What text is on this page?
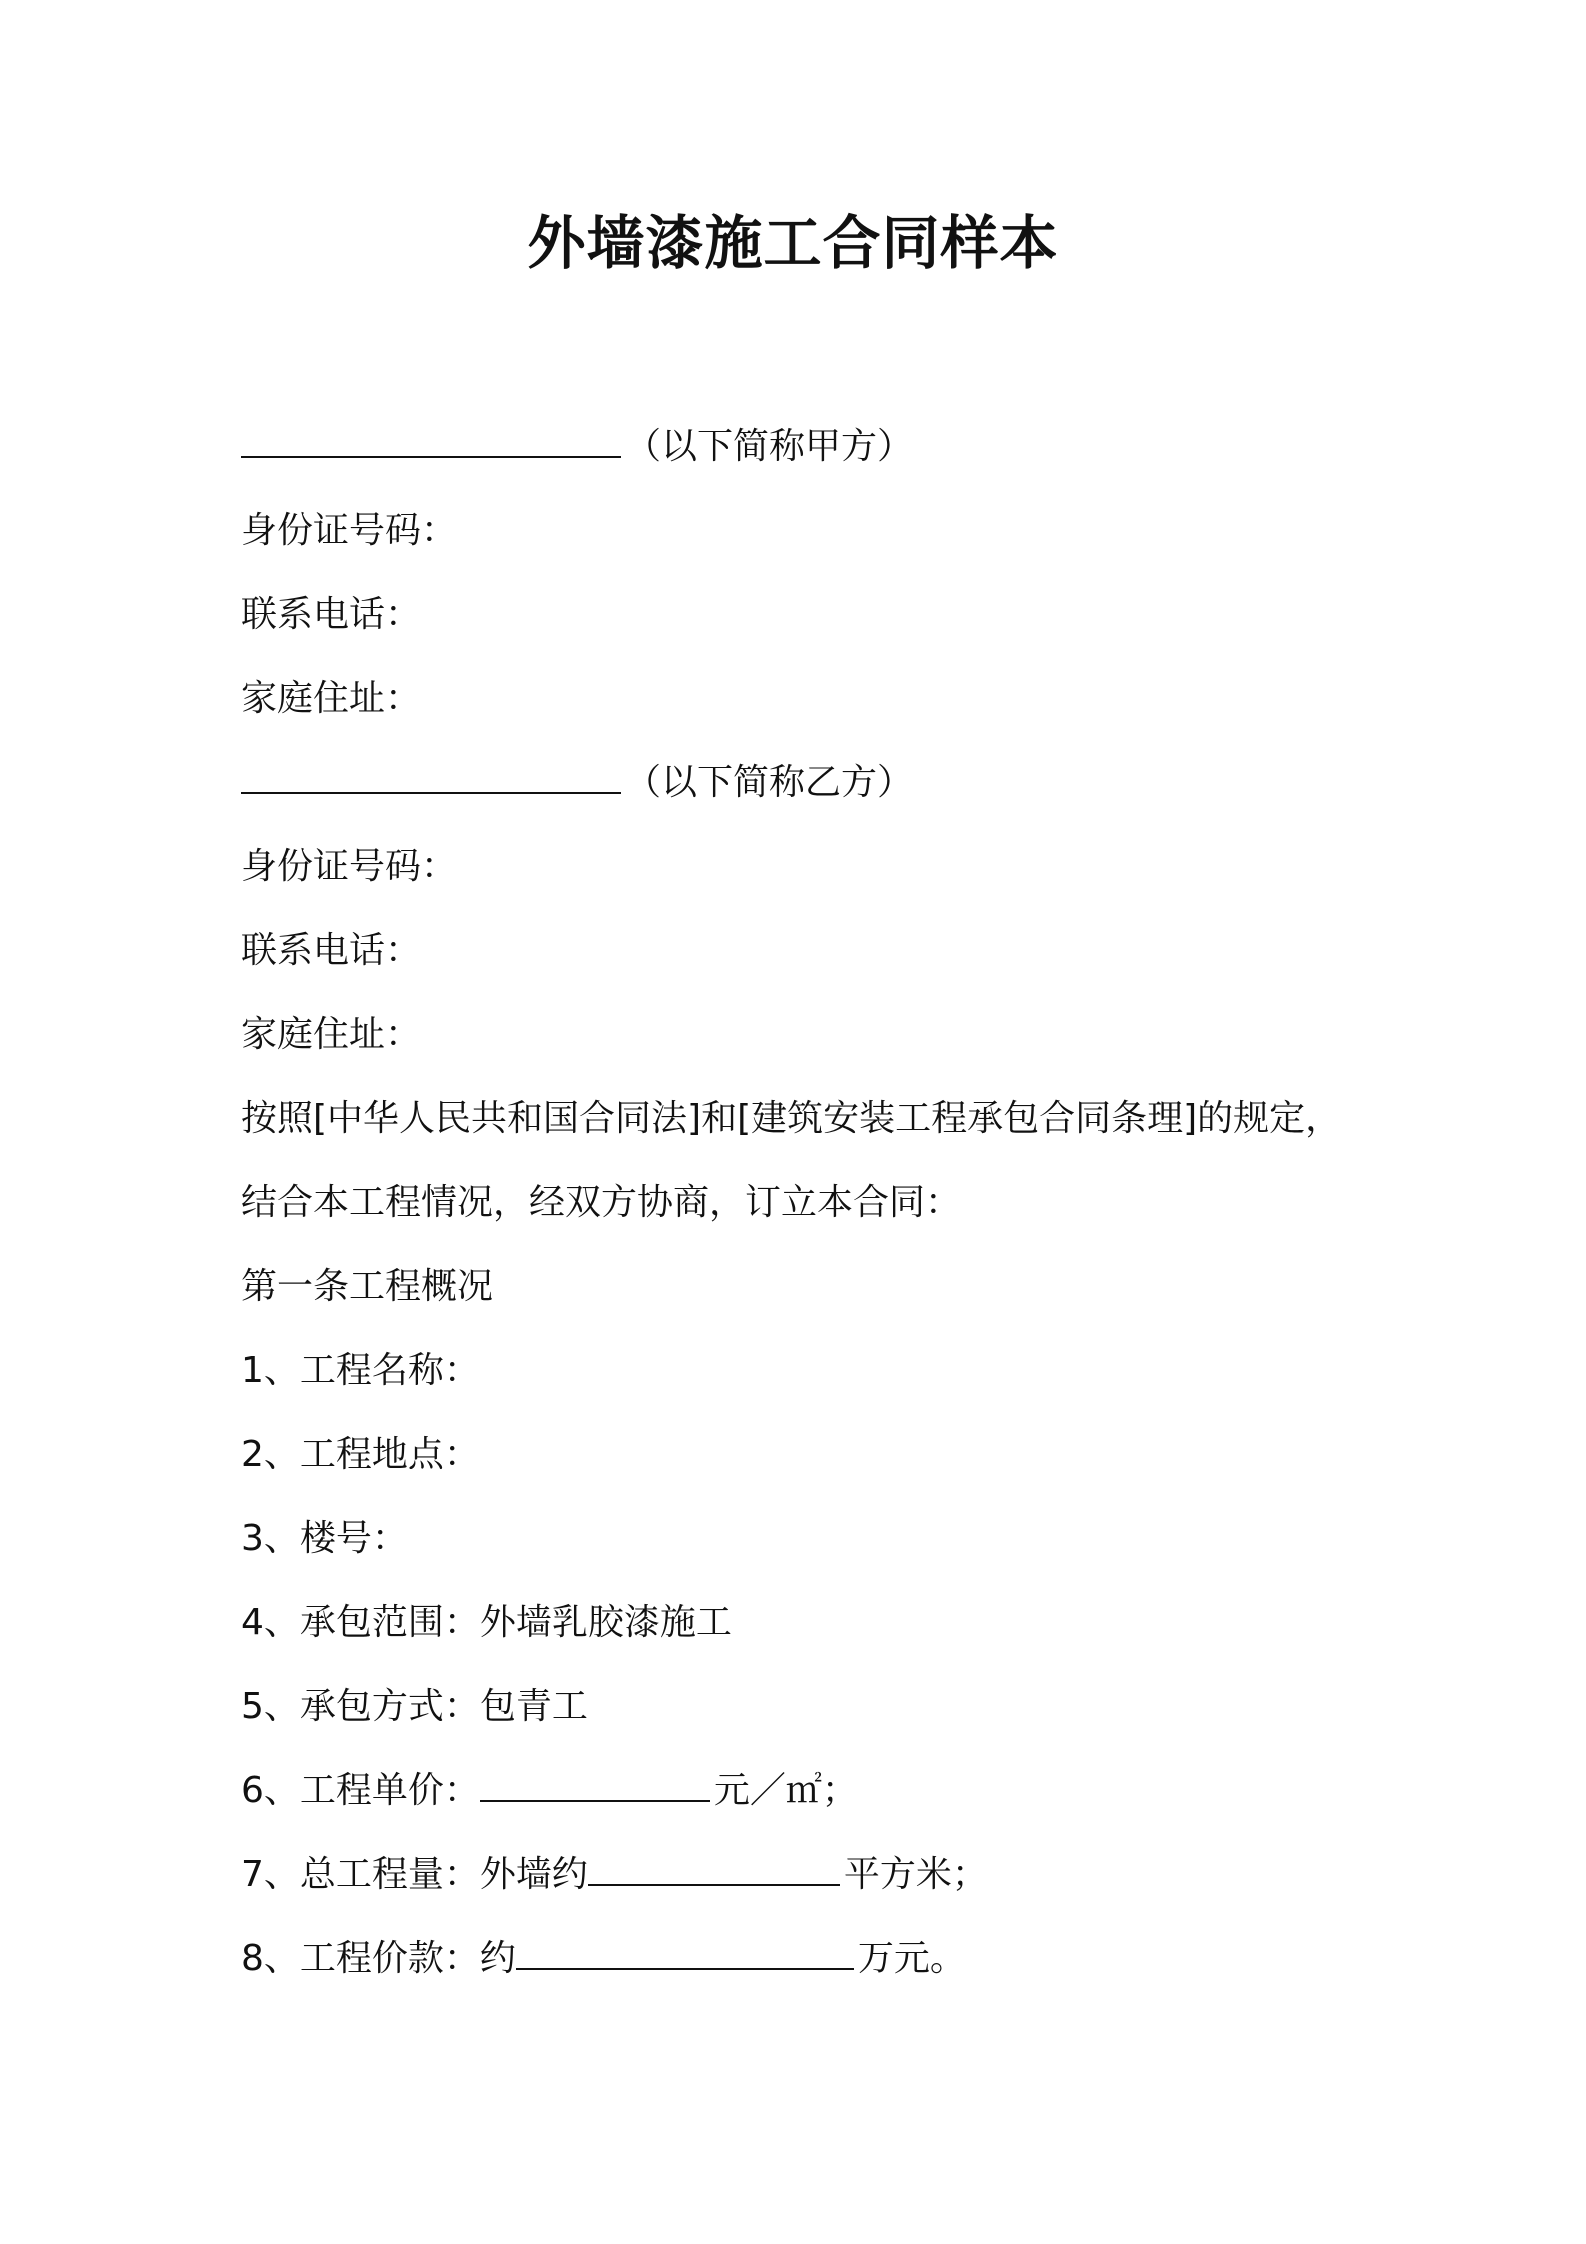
外墙漆施工合同样本
（以下简称甲方）
身份证号码：
联系电话：
家庭住址：
（以下简称乙方）
身份证号码：
联系电话：
家庭住址：
按照[中华人民共和国合同法]和[建筑安装工程承包合同条理]的规定，
结合本工程情况，经双方协商，订立本合同：
第一条工程概况
1、工程名称：
2、工程地点：
3、楼号：
4、承包范围：外墙乳胶漆施工
5、承包方式：包青工
6、工程单价：	元／㎡；
7、总工程量：外墙约	平方米；
8、工程价款：约	万元。
